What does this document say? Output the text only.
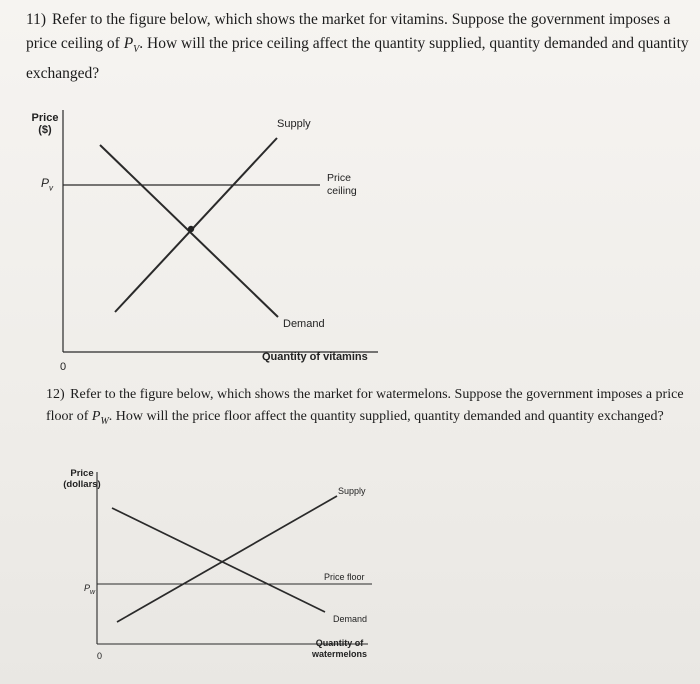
11) Refer to the figure below, which shows the market for vitamins. Suppose the government imposes a price ceiling of $P_V$. How will the price ceiling affect the quantity supplied, quantity demanded and quantity exchanged?
Price
($)
$P_v$
0
Quantity of vitamins
Supply
Demand
Price
ceiling
12) Refer to the figure below, which shows the market for watermelons. Suppose the government imposes a price floor of $P_W$. How will the price floor affect the quantity supplied, quantity demanded and quantity exchanged?
Price
(dollars)
$P_w$
0
Quantity of
watermelons
Supply
Demand
Price floor
